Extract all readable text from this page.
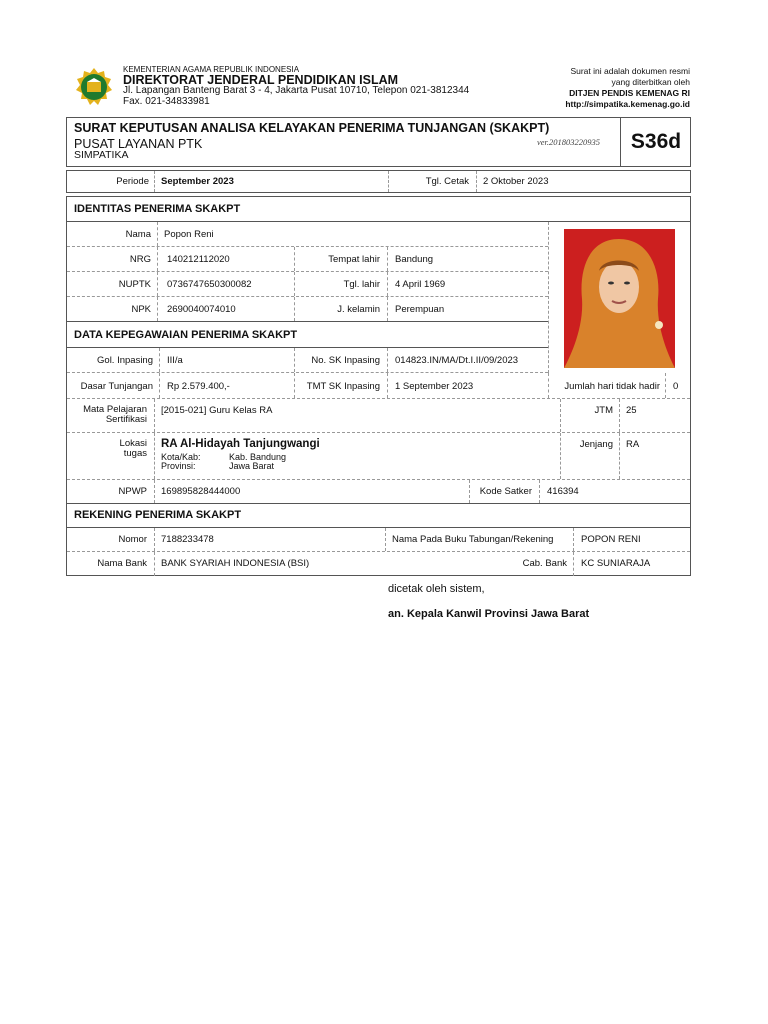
KEMENTERIAN AGAMA REPUBLIK INDONESIA
DIREKTORAT JENDERAL PENDIDIKAN ISLAM
Jl. Lapangan Banteng Barat 3 - 4, Jakarta Pusat 10710, Telepon 021-3812344
Fax. 021-34833981
Surat ini adalah dokumen resmi
yang diterbitkan oleh
DITJEN PENDIS KEMENAG RI
http://simpatika.kemenag.go.id
SURAT KEPUTUSAN ANALISA KELAYAKAN PENERIMA TUNJANGAN (SKAKPT)
PUSAT LAYANAN PTK
SIMPATIKA
ver.201803220935	S36d
Periode September 2023	Tgl. Cetak 2 Oktober 2023
IDENTITAS PENERIMA SKAKPT
Nama Popon Reni
NRG 140212112020	Tempat lahir Bandung
NUPTK 0736747650300082	Tgl. lahir 4 April 1969
NPK 2690040074010	J. kelamin Perempuan
DATA KEPEGAWAIAN PENERIMA SKAKPT
Gol. Inpasing III/a	No. SK Inpasing 014823.IN/MA/Dt.I.II/09/2023
Dasar Tunjangan Rp 2.579.400,-	TMT SK Inpasing 1 September 2023	Jumlah hari tidak hadir 0
Mata Pelajaran
Sertifikasi
[2015-021] Guru Kelas RA	JTM 25
Lokasi
tugas
RA Al-Hidayah Tanjungwangi
Kota/Kab:	Kab. Bandung
Provinsi:	Jawa Barat
Jenjang RA
NPWP 169895828444000	Kode Satker 416394
REKENING PENERIMA SKAKPT
Nomor 7188233478	Nama Pada Buku Tabungan/Rekening	POPON RENI
Nama Bank BANK SYARIAH INDONESIA (BSI)	Cab. Bank KC SUNIARAJA
dicetak oleh sistem,
an. Kepala Kanwil Provinsi Jawa Barat
